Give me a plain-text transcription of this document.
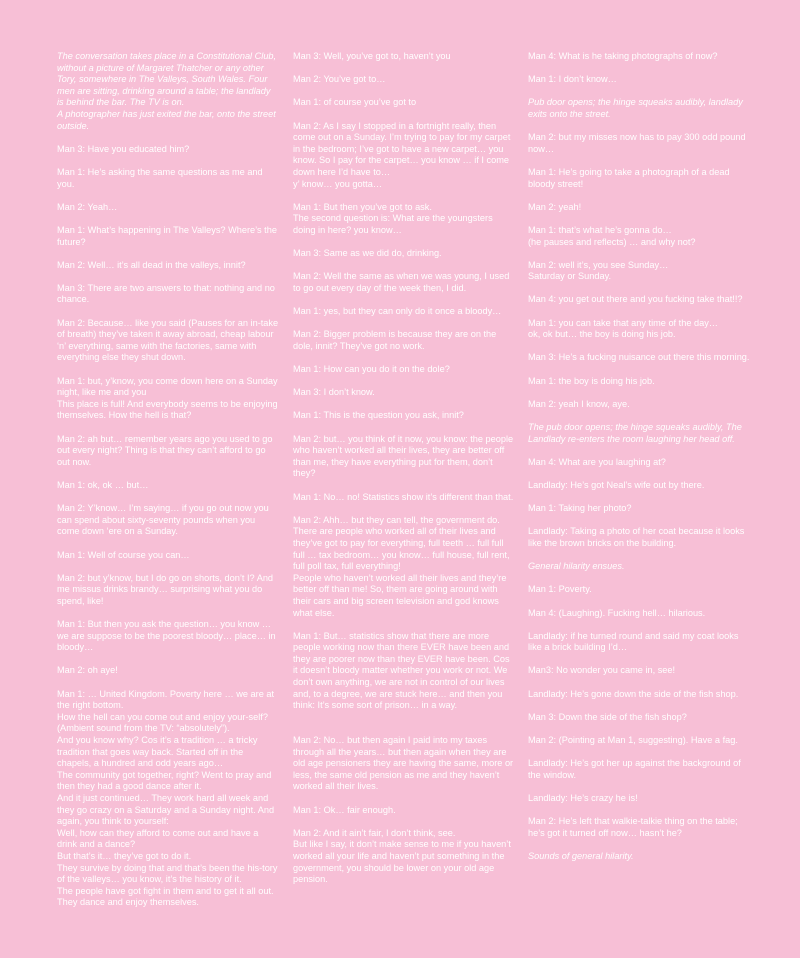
The conversation takes place in a Constitutional Club, without a picture of Margaret Thatcher or any other Tory, somewhere in The Valleys, South Wales. Four men are sitting, drinking around a table; the landlady is behind the bar. The TV is on.
A photographer has just exited the bar, onto the street outside.

Man 3: Have you educated him?

Man 1: He’s asking the same questions as me and you.

Man 2: Yeah…

Man 1: What’s happening in The Valleys? Where’s the future?

Man 2: Well… it’s all dead in the valleys, innit?

Man 3: There are two answers to that: nothing and no chance.

Man 2: Because… like you said (Pauses for an in-take of breath) they’ve taken it away abroad, cheap labour ‘n’ everything, same with the factories, same with everything else they shut down.

Man 1: but, y’know, you come down here on a Sunday night, like me and you
This place is full! And everybody seems to be enjoying themselves. How the hell is that?

Man 2: ah but… remember years ago you used to go out every night? Thing is that they can’t afford to go out now.

Man 1: ok, ok … but…

Man 2: Y’know… I’m saying… if you go out now you can spend about sixty-seventy pounds when you come down ‘ere on a Sunday.

Man 1: Well of course you can…

Man 2: but y’know, but I do go on shorts, don’t I? And me missus drinks brandy… surprising what you do spend, like!

Man 1: But then you ask the question… you know … we are suppose to be the poorest bloody… place… in bloody…

Man 2: oh aye!

Man 1: … United Kingdom. Poverty here … we are at the right bottom.
How the hell can you come out and enjoy your-self? (Ambient sound from the TV: “absolutely”).
And you know why? Cos it’s a tradition … a tricky tradition that goes way back. Started off in the chapels, a hundred and odd years ago…
The community got together, right? Went to pray and then they had a good dance after it.
And it just continued… They work hard all week and they go crazy on a Saturday and a Sunday night. And again, you think to yourself:
Well, how can they afford to come out and have a drink and a dance?
But that’s it… they’ve got to do it.
They survive by doing that and that’s been the his-tory of the valleys… you know, it’s the history of it.
The people have got fight in them and to get it all out. They dance and enjoy themselves.

Man 3: Well, you’ve got to, haven’t you

Man 2: You’ve got to…

Man 1: of course you’ve got to

Man 2: As I say I stopped in a fortnight really, then come out on a Sunday. I’m trying to pay for my carpet in the bedroom; I’ve got to have a new carpet… you know. So I pay for the carpet… you know … if I come down here I’d have to…
y’ know… you gotta…

Man 1: But then you’ve got to ask.
The second question is: What are the youngsters doing in here? you know…

Man 3: Same as we did do, drinking.

Man 2: Well the same as when we was young, I used to go out every day of the week then, I did.

Man 1: yes, but they can only do it once a bloody…

Man 2: Bigger problem is because they are on the dole, innit? They’ve got no work.

Man 1: How can you do it on the dole?

Man 3: I don’t know.

Man 1: This is the question you ask, innit?

Man 2: but… you think of it now, you know: the people who haven’t worked all their lives, they are better off than me, they have everything put for them, don’t they?

Man 1: No… no! Statistics show it’s different than that.

Man 2: Ahh… but they can tell, the government do. There are people who worked all of their lives and they’ve got to pay for everything, full teeth … full full full … tax bedroom… you know… full house, full rent, full poll tax, full everything!
People who haven’t worked all their lives and they’re better off than me! So, them are going around with their cars and big screen television and god knows what else.

Man 1: But… statistics show that there are more people working now than there EVER have been and they are poorer now than they EVER have been. Cos it doesn’t bloody matter whether you work or not. We don’t own anything, we are not in control of our lives and, to a degree, we are stuck here… and then you think: It’s some sort of prison… in a way.

Man 2: No… but then again I paid into my taxes through all the years… but then again when they are old age pensioners they are having the same, more or less, the same old pension as me and they haven’t worked all their lives.

Man 1: Ok… fair enough.

Man 2: And it ain’t fair, I don’t think, see.
But like I say, it don’t make sense to me if you haven’t worked all your life and haven’t put something in the government, you should be lower on your old age pension.

Man 4: What is he taking photographs of now?

Man 1: I don’t know…

Pub door opens; the hinge squeaks audibly, landlady exits onto the street.

Man 2: but my misses now has to pay 300 odd pound now…

Man 1: He’s going to take a photograph of a dead bloody street!

Man 2: yeah!

Man 1: that’s what he’s gonna do…
(he pauses and reflects) … and why not?

Man 2: well it’s, you see Sunday…
Saturday or Sunday.

Man 4: you get out there and you fucking take that!!?

Man 1: you can take that any time of the day…
ok, ok but… the boy is doing his job.

Man 3: He’s a fucking nuisance out there this morning.

Man 1: the boy is doing his job.

Man 2: yeah I know, aye.

The pub door opens; the hinge squeaks audibly, The Landlady re-enters the room laughing her head off.

Man 4: What are you laughing at?

Landlady: He’s got Neal’s wife out by there.

Man 1: Taking her photo?

Landlady: Taking a photo of her coat because it looks like the brown bricks on the building.

General hilarity ensues.

Man 1: Poverty.

Man 4: (Laughing). Fucking hell… hilarious.

Landlady: if he turned round and said my coat looks like a brick building I’d…

Man3: No wonder you came in, see!

Landlady: He’s gone down the side of the fish shop.

Man 3: Down the side of the fish shop?

Man 2: (Pointing at Man 1, suggesting). Have a fag.

Landlady: He’s got her up against the background of the window.

Landlady: He’s crazy he is!

Man 2: He’s left that walkie-talkie thing on the table; he’s got it turned off now… hasn’t he?

Sounds of general hilarity.
